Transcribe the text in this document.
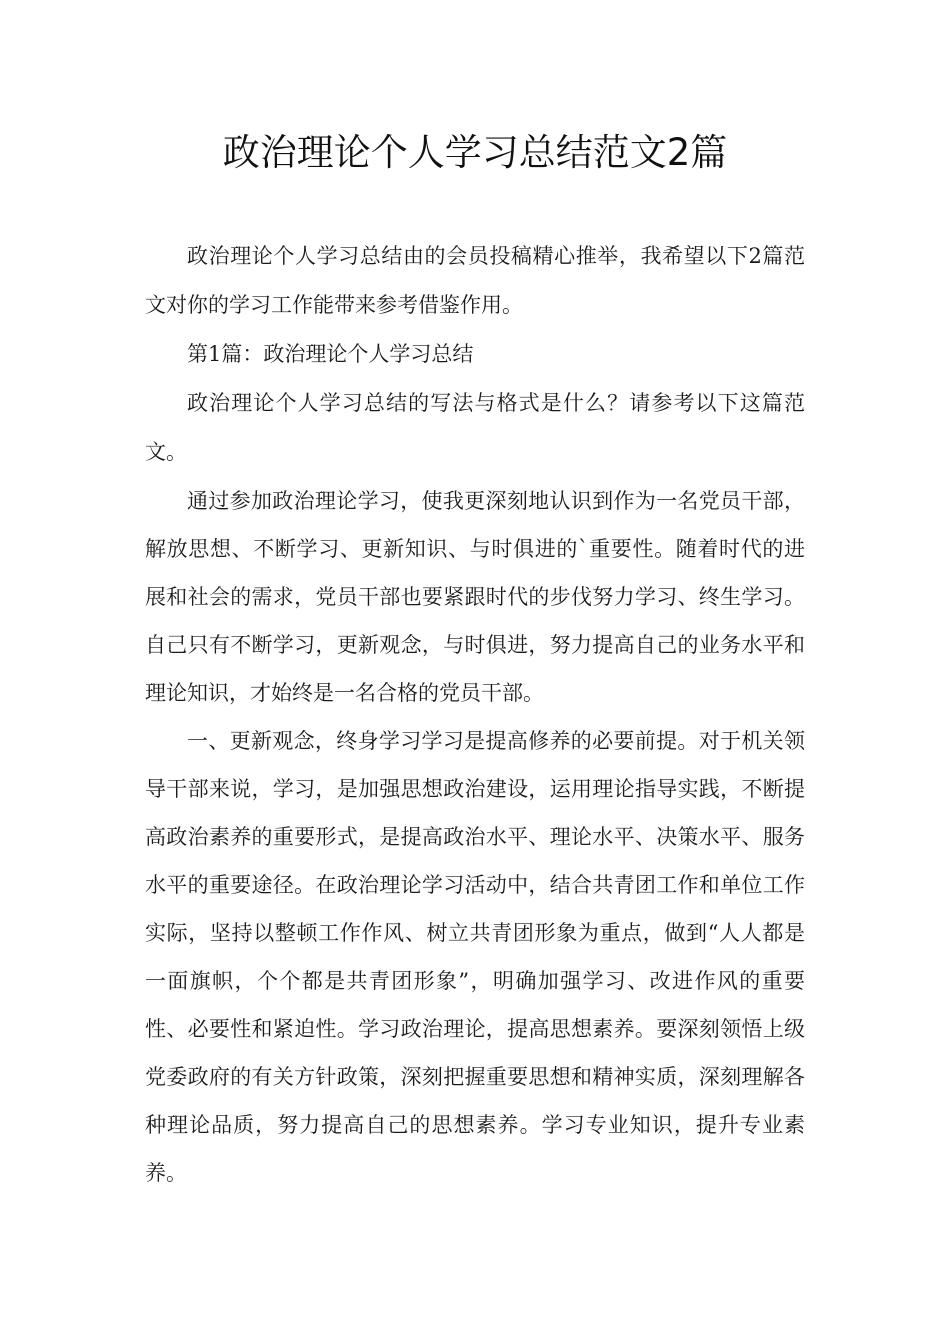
政治理论个人学习总结范文2篇

政治理论个人学习总结由的会员投稿精心推举，我希望以下2篇范文对你的学习工作能带来参考借鉴作用。

第1篇：政治理论个人学习总结

政治理论个人学习总结的写法与格式是什么？请参考以下这篇范文。

通过参加政治理论学习，使我更深刻地认识到作为一名党员干部，解放思想、不断学习、更新知识、与时俱进的`重要性。随着时代的进展和社会的需求，党员干部也要紧跟时代的步伐努力学习、终生学习。自己只有不断学习，更新观念，与时俱进，努力提高自己的业务水平和理论知识，才始终是一名合格的党员干部。

一、更新观念，终身学习学习是提高修养的必要前提。对于机关领导干部来说，学习，是加强思想政治建设，运用理论指导实践，不断提高政治素养的重要形式，是提高政治水平、理论水平、决策水平、服务水平的重要途径。在政治理论学习活动中，结合共青团工作和单位工作实际，坚持以整顿工作作风、树立共青团形象为重点，做到“人人都是一面旗帜，个个都是共青团形象”，明确加强学习、改进作风的重要性、必要性和紧迫性。学习政治理论，提高思想素养。要深刻领悟上级党委政府的有关方针政策，深刻把握重要思想和精神实质，深刻理解各种理论品质，努力提高自己的思想素养。学习专业知识，提升专业素养。
